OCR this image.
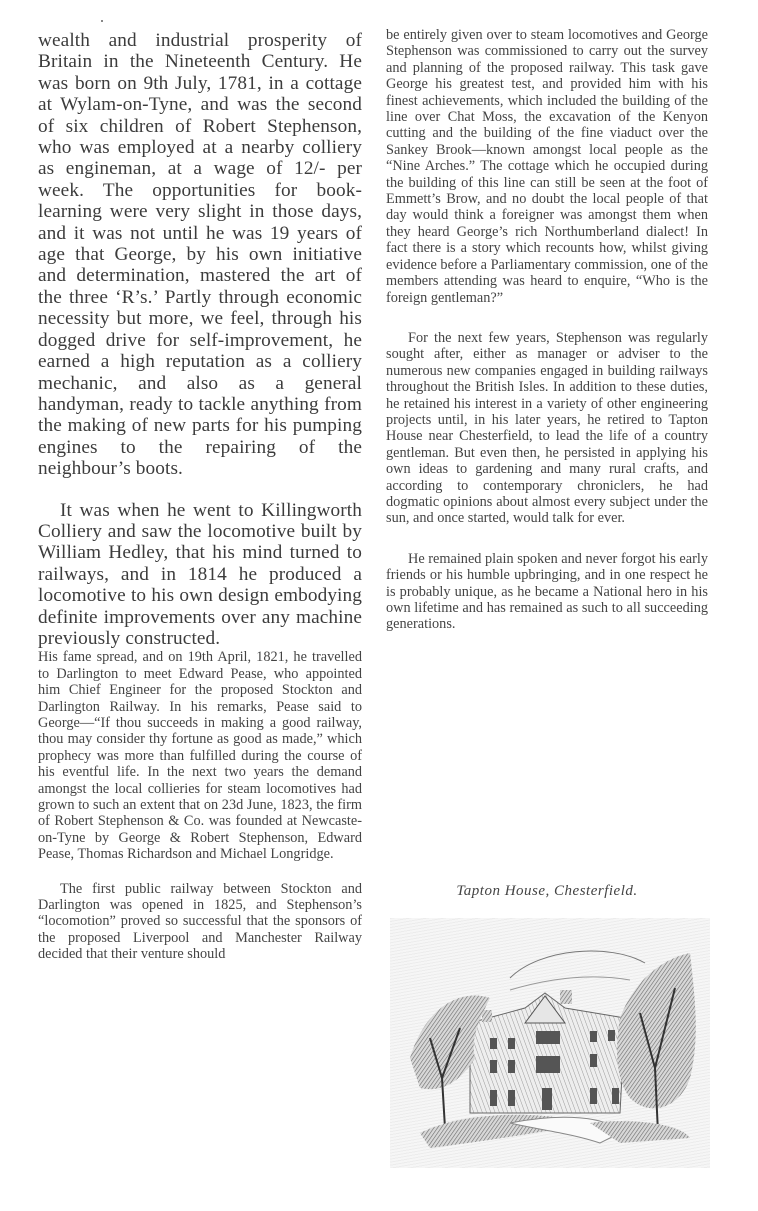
wealth and industrial prosperity of Britain in the Nineteenth Century. He was born on 9th July, 1781, in a cottage at Wylam-on-Tyne, and was the second of six children of Robert Stephenson, who was employed at a nearby colliery as engineman, at a wage of 12/- per week. The opportunities for book-learning were very slight in those days, and it was not until he was 19 years of age that George, by his own initiative and determination, mastered the art of the three ‘R’s.’ Partly through economic necessity but more, we feel, through his dogged drive for self-improvement, he earned a high reputation as a colliery mechanic, and also as a general handyman, ready to tackle anything from the making of new parts for his pumping engines to the repairing of the neighbour’s boots.

It was when he went to Killingworth Colliery and saw the locomotive built by William Hedley, that his mind turned to railways, and in 1814 he produced a locomotive to his own design embodying definite improvements over any machine previously constructed.

His fame spread, and on 19th April, 1821, he travelled to Darlington to meet Edward Pease, who appointed him Chief Engineer for the proposed Stockton and Darlington Railway. In his remarks, Pease said to George—“If thou succeeds in making a good railway, thou may consider thy fortune as good as made,” which prophecy was more than fulfilled during the course of his eventful life. In the next two years the demand amongst the local collieries for steam locomotives had grown to such an extent that on 23d June, 1823, the firm of Robert Stephenson & Co. was founded at Newcaste-on-Tyne by George & Robert Stephenson, Edward Pease, Thomas Richardson and Michael Longridge.

The first public railway between Stockton and Darlington was opened in 1825, and Stephenson’s “locomotion” proved so successful that the sponsors of the proposed Liverpool and Manchester Railway decided that their venture should

be entirely given over to steam locomotives and George Stephenson was commissioned to carry out the survey and planning of the proposed railway. This task gave George his greatest test, and provided him with his finest achievements, which included the building of the line over Chat Moss, the excavation of the Kenyon cutting and the building of the fine viaduct over the Sankey Brook—known amongst local people as the “Nine Arches.” The cottage which he occupied during the building of this line can still be seen at the foot of Emmett’s Brow, and no doubt the local people of that day would think a foreigner was amongst them when they heard George’s rich Northumberland dialect! In fact there is a story which recounts how, whilst giving evidence before a Parliamentary commission, one of the members attending was heard to enquire, “Who is the foreign gentleman?”

For the next few years, Stephenson was regularly sought after, either as manager or adviser to the numerous new companies engaged in building railways throughout the British Isles. In addition to these duties, he retained his interest in a variety of other engineering projects until, in his later years, he retired to Tapton House near Chesterfield, to lead the life of a country gentleman. But even then, he persisted in applying his own ideas to gardening and many rural crafts, and according to contemporary chroniclers, he had dogmatic opinions about almost every subject under the sun, and once started, would talk for ever.

He remained plain spoken and never forgot his early friends or his humble upbringing, and in one respect he is probably unique, as he became a National hero in his own lifetime and has remained as such to all succeeding generations.

Tapton House, Chesterfield.
